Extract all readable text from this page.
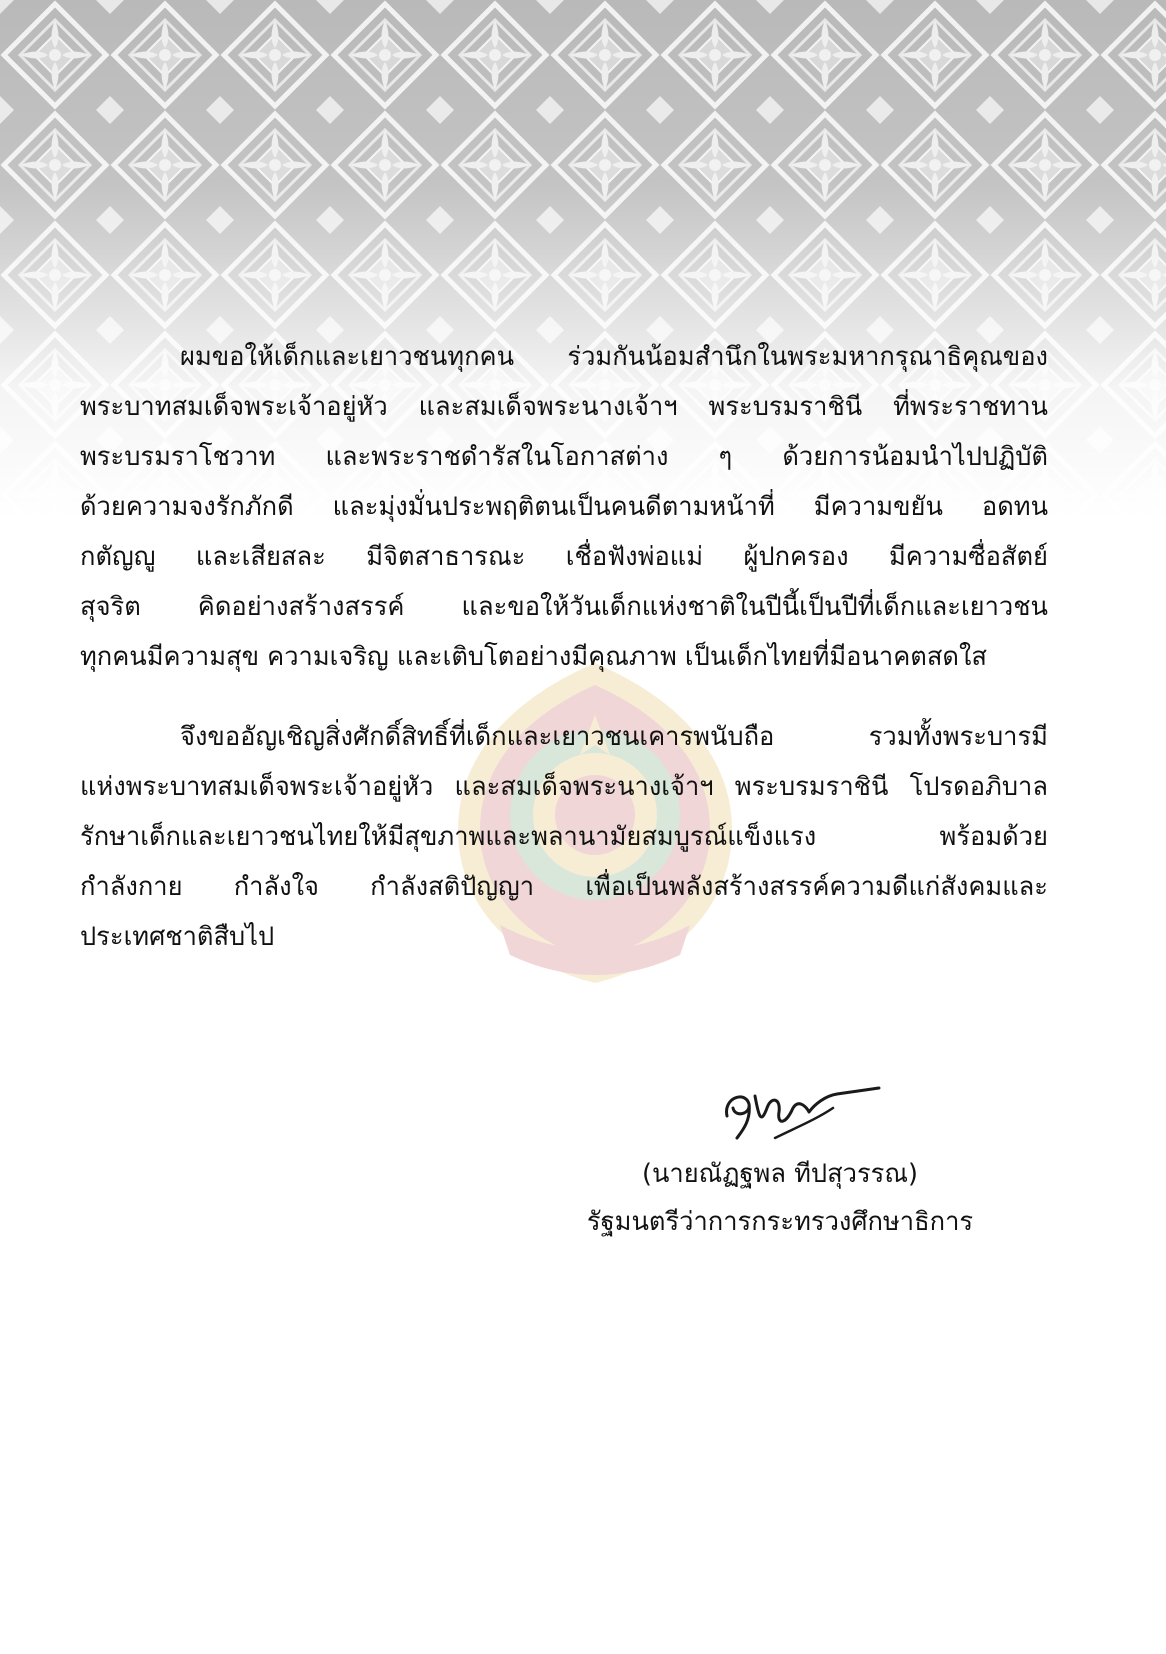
ผมขอให้เด็กและเยาวชนทุกคน ร่วมกันน้อมสำนึกในพระมหากรุณาธิคุณของ
พระบาทสมเด็จพระเจ้าอยู่หัว และสมเด็จพระนางเจ้าฯ พระบรมราชินี ที่พระราชทาน
พระบรมราโชวาท และพระราชดำรัสในโอกาสต่าง ๆ ด้วยการน้อมนำไปปฏิบัติ
ด้วยความจงรักภักดี และมุ่งมั่นประพฤติตนเป็นคนดีตามหน้าที่ มีความขยัน อดทน
กตัญญู และเสียสละ มีจิตสาธารณะ เชื่อฟังพ่อแม่ ผู้ปกครอง มีความซื่อสัตย์
สุจริต คิดอย่างสร้างสรรค์ และขอให้วันเด็กแห่งชาติในปีนี้เป็นปีที่เด็กและเยาวชน
ทุกคนมีความสุข ความเจริญ และเติบโตอย่างมีคุณภาพ เป็นเด็กไทยที่มีอนาคตสดใส
จึงขออัญเชิญสิ่งศักดิ์สิทธิ์ที่เด็กและเยาวชนเคารพนับถือ รวมทั้งพระบารมี
แห่งพระบาทสมเด็จพระเจ้าอยู่หัว และสมเด็จพระนางเจ้าฯ พระบรมราชินี โปรดอภิบาล
รักษาเด็กและเยาวชนไทยให้มีสุขภาพและพลานามัยสมบูรณ์แข็งแรง พร้อมด้วย
กำลังกาย กำลังใจ กำลังสติปัญญา เพื่อเป็นพลังสร้างสรรค์ความดีแก่สังคมและ
ประเทศชาติสืบไป
(นายณัฏฐพล ทีปสุวรรณ)
รัฐมนตรีว่าการกระทรวงศึกษาธิการ
